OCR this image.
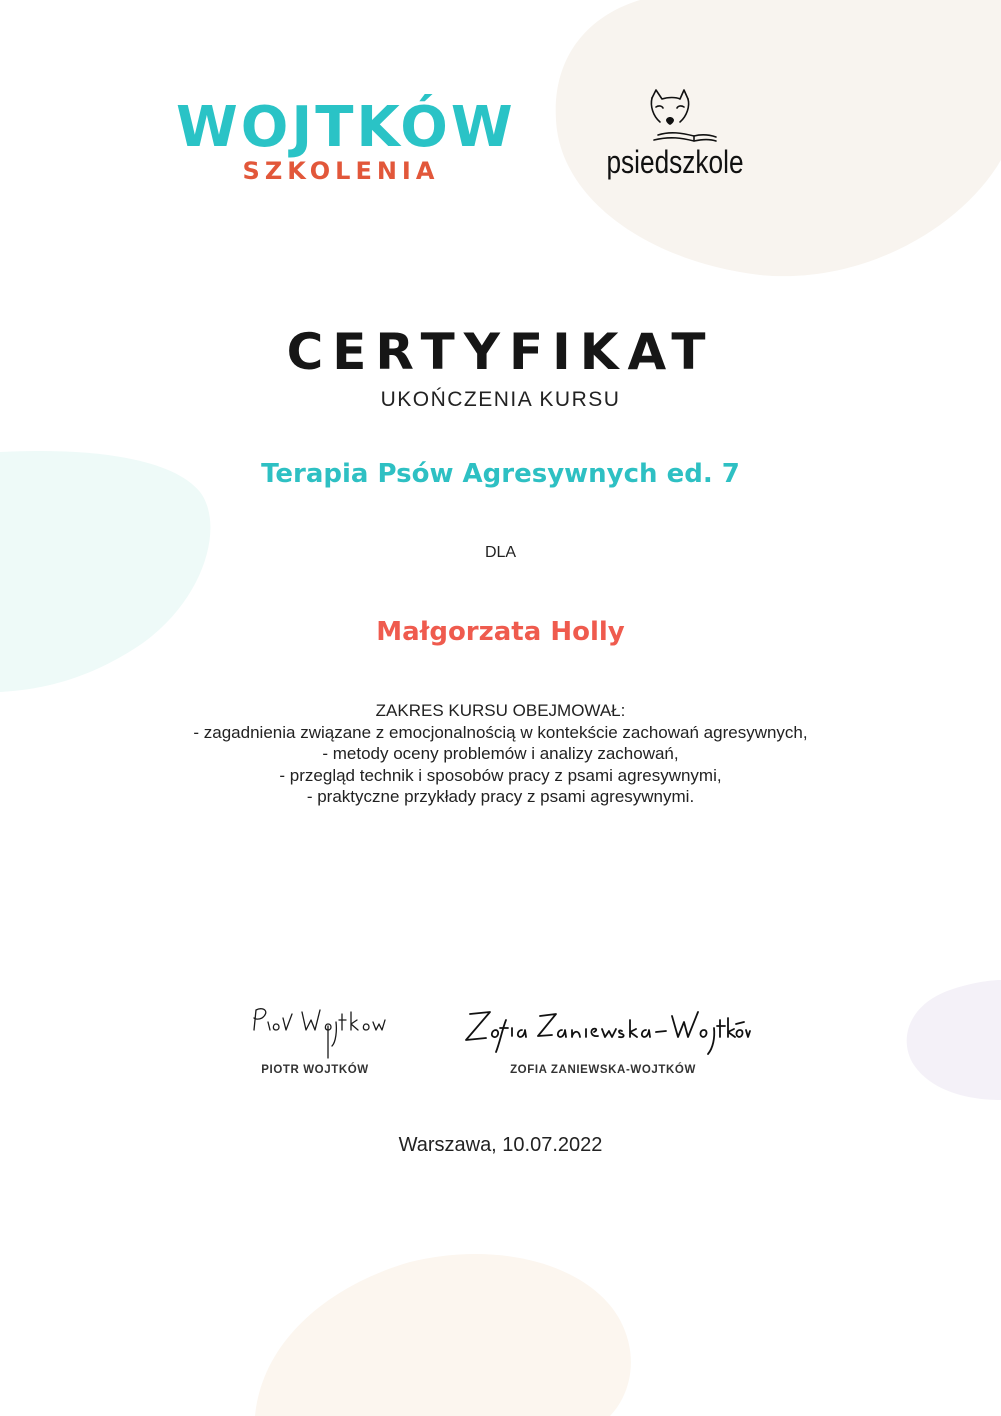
WOJTKÓW
SZKOLENIA	psiedszkole
CERTYFIKAT
UKOŃCZENIA KURSU
Terapia Psów Agresywnych ed. 7
DLA
Małgorzata Holly
ZAKRES KURSU OBEJMOWAŁ:
- zagadnienia związane z emocjonalnością w kontekście zachowań agresywnych,
- metody oceny problemów i analizy zachowań,
- przegląd technik i sposobów pracy z psami agresywnymi,
- praktyczne przykłady pracy z psami agresywnymi.
PIOTR WOJTKÓW	ZOFIA ZANIEWSKA-WOJTKÓW
Warszawa, 10.07.2022
